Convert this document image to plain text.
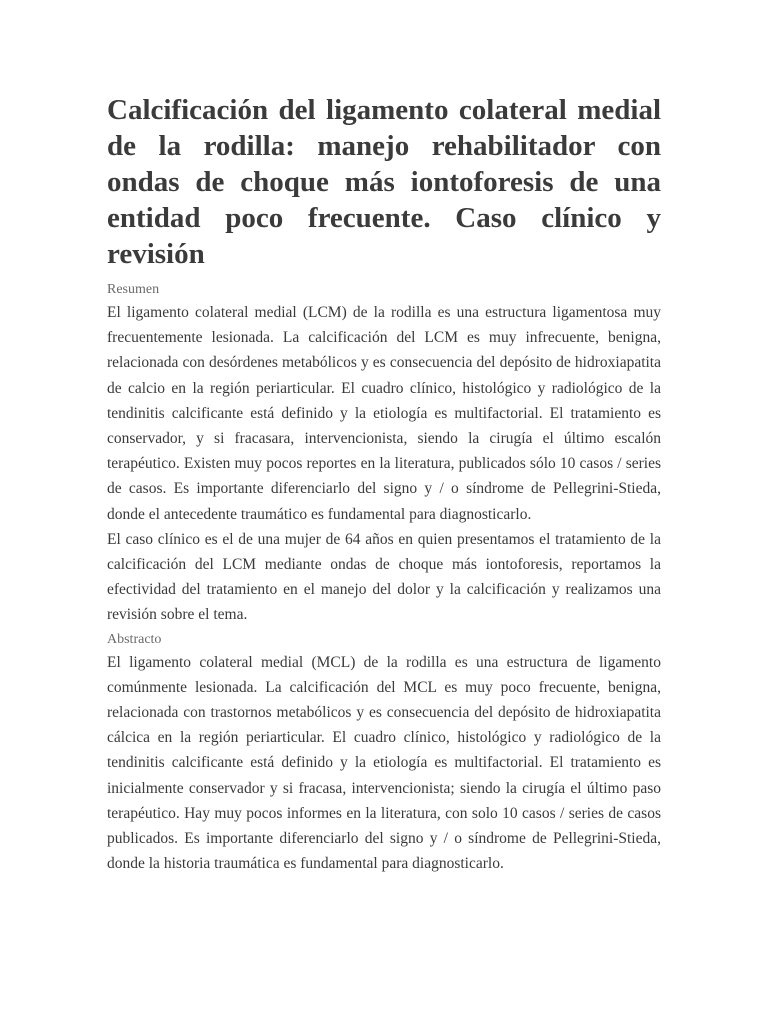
Calcificación del ligamento colateral medial de la rodilla: manejo rehabilitador con ondas de choque más iontoforesis de una entidad poco frecuente. Caso clínico y revisión

Resumen

El ligamento colateral medial (LCM) de la rodilla es una estructura ligamentosa muy frecuentemente lesionada. La calcificación del LCM es muy infrecuente, benigna, relacionada con desórdenes metabólicos y es consecuencia del depósito de hidroxiapatita de calcio en la región periarticular. El cuadro clínico, histológico y radiológico de la tendinitis calcificante está definido y la etiología es multifactorial. El tratamiento es conservador, y si fracasara, intervencionista, siendo la cirugía el último escalón terapéutico. Existen muy pocos reportes en la literatura, publicados sólo 10 casos / series de casos. Es importante diferenciarlo del signo y / o síndrome de Pellegrini-Stieda, donde el antecedente traumático es fundamental para diagnosticarlo.

El caso clínico es el de una mujer de 64 años en quien presentamos el tratamiento de la calcificación del LCM mediante ondas de choque más iontoforesis, reportamos la efectividad del tratamiento en el manejo del dolor y la calcificación y realizamos una revisión sobre el tema.

Abstracto

El ligamento colateral medial (MCL) de la rodilla es una estructura de ligamento comúnmente lesionada. La calcificación del MCL es muy poco frecuente, benigna, relacionada con trastornos metabólicos y es consecuencia del depósito de hidroxiapatita cálcica en la región periarticular. El cuadro clínico, histológico y radiológico de la tendinitis calcificante está definido y la etiología es multifactorial. El tratamiento es inicialmente conservador y si fracasa, intervencionista; siendo la cirugía el último paso terapéutico. Hay muy pocos informes en la literatura, con solo 10 casos / series de casos publicados. Es importante diferenciarlo del signo y / o síndrome de Pellegrini-Stieda, donde la historia traumática es fundamental para diagnosticarlo.
